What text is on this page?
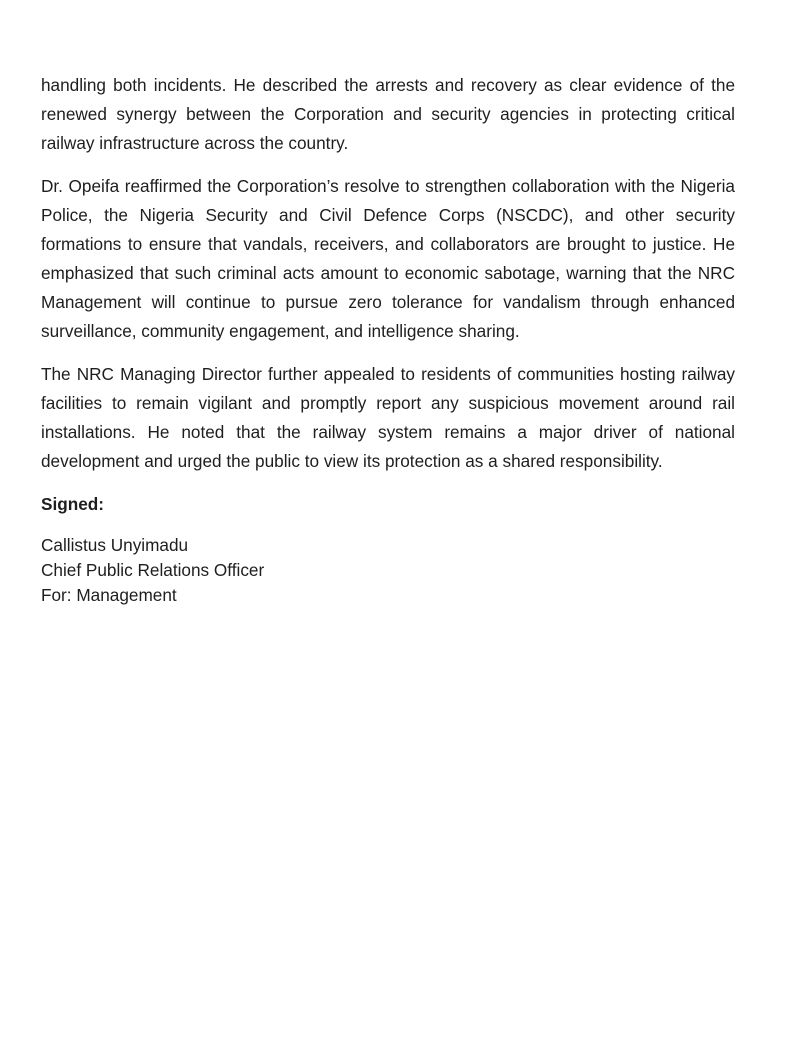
handling both incidents. He described the arrests and recovery as clear evidence of the renewed synergy between the Corporation and security agencies in protecting critical railway infrastructure across the country.

Dr. Opeifa reaffirmed the Corporation’s resolve to strengthen collaboration with the Nigeria Police, the Nigeria Security and Civil Defence Corps (NSCDC), and other security formations to ensure that vandals, receivers, and collaborators are brought to justice. He emphasized that such criminal acts amount to economic sabotage, warning that the NRC Management will continue to pursue zero tolerance for vandalism through enhanced surveillance, community engagement, and intelligence sharing.

The NRC Managing Director further appealed to residents of communities hosting railway facilities to remain vigilant and promptly report any suspicious movement around rail installations. He noted that the railway system remains a major driver of national development and urged the public to view its protection as a shared responsibility.

Signed:

Callistus Unyimadu
Chief Public Relations Officer
For: Management
